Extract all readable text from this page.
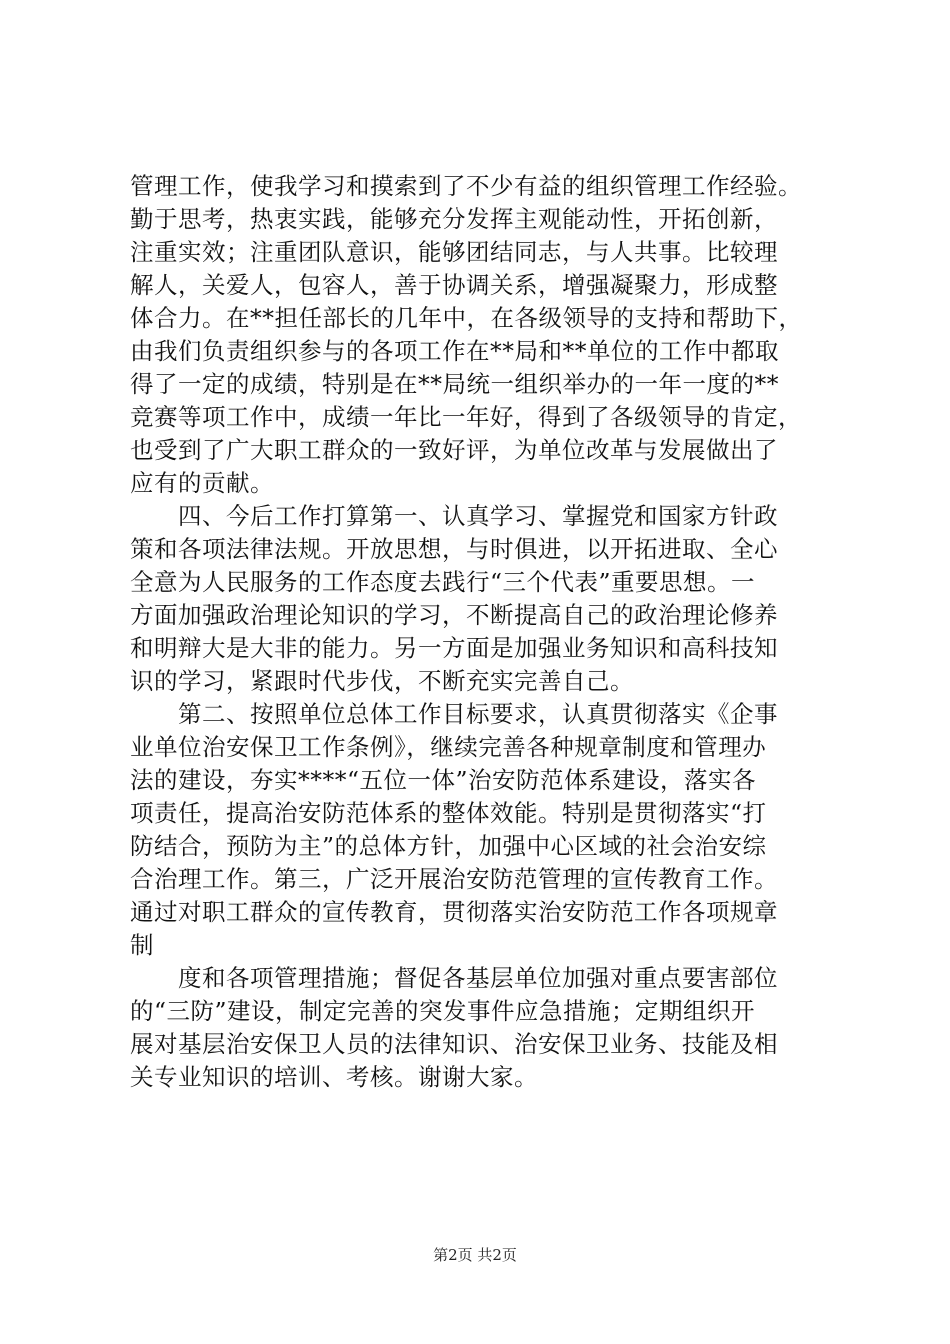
管理工作，使我学习和摸索到了不少有益的组织管理工作经验。
勤于思考，热衷实践，能够充分发挥主观能动性，开拓创新，
注重实效；注重团队意识，能够团结同志，与人共事。比较理
解人，关爱人，包容人，善于协调关系，增强凝聚力，形成整
体合力。在**担任部长的几年中，在各级领导的支持和帮助下，
由我们负责组织参与的各项工作在**局和**单位的工作中都取
得了一定的成绩，特别是在**局统一组织举办的一年一度的**
竞赛等项工作中，成绩一年比一年好，得到了各级领导的肯定，
也受到了广大职工群众的一致好评，为单位改革与发展做出了
应有的贡献。
　　四、今后工作打算第一、认真学习、掌握党和国家方针政
策和各项法律法规。开放思想，与时俱进，以开拓进取、全心
全意为人民服务的工作态度去践行“三个代表”重要思想。一
方面加强政治理论知识的学习，不断提高自己的政治理论修养
和明辩大是大非的能力。另一方面是加强业务知识和高科技知
识的学习，紧跟时代步伐，不断充实完善自己。
　　第二、按照单位总体工作目标要求，认真贯彻落实《企事
业单位治安保卫工作条例》，继续完善各种规章制度和管理办
法的建设，夯实****“五位一体”治安防范体系建设，落实各
项责任，提高治安防范体系的整体效能。特别是贯彻落实“打
防结合，预防为主”的总体方针，加强中心区域的社会治安综
合治理工作。第三，广泛开展治安防范管理的宣传教育工作。
通过对职工群众的宣传教育，贯彻落实治安防范工作各项规章
制
　　度和各项管理措施；督促各基层单位加强对重点要害部位
的“三防”建设，制定完善的突发事件应急措施；定期组织开
展对基层治安保卫人员的法律知识、治安保卫业务、技能及相
关专业知识的培训、考核。谢谢大家。
第2页 共2页
